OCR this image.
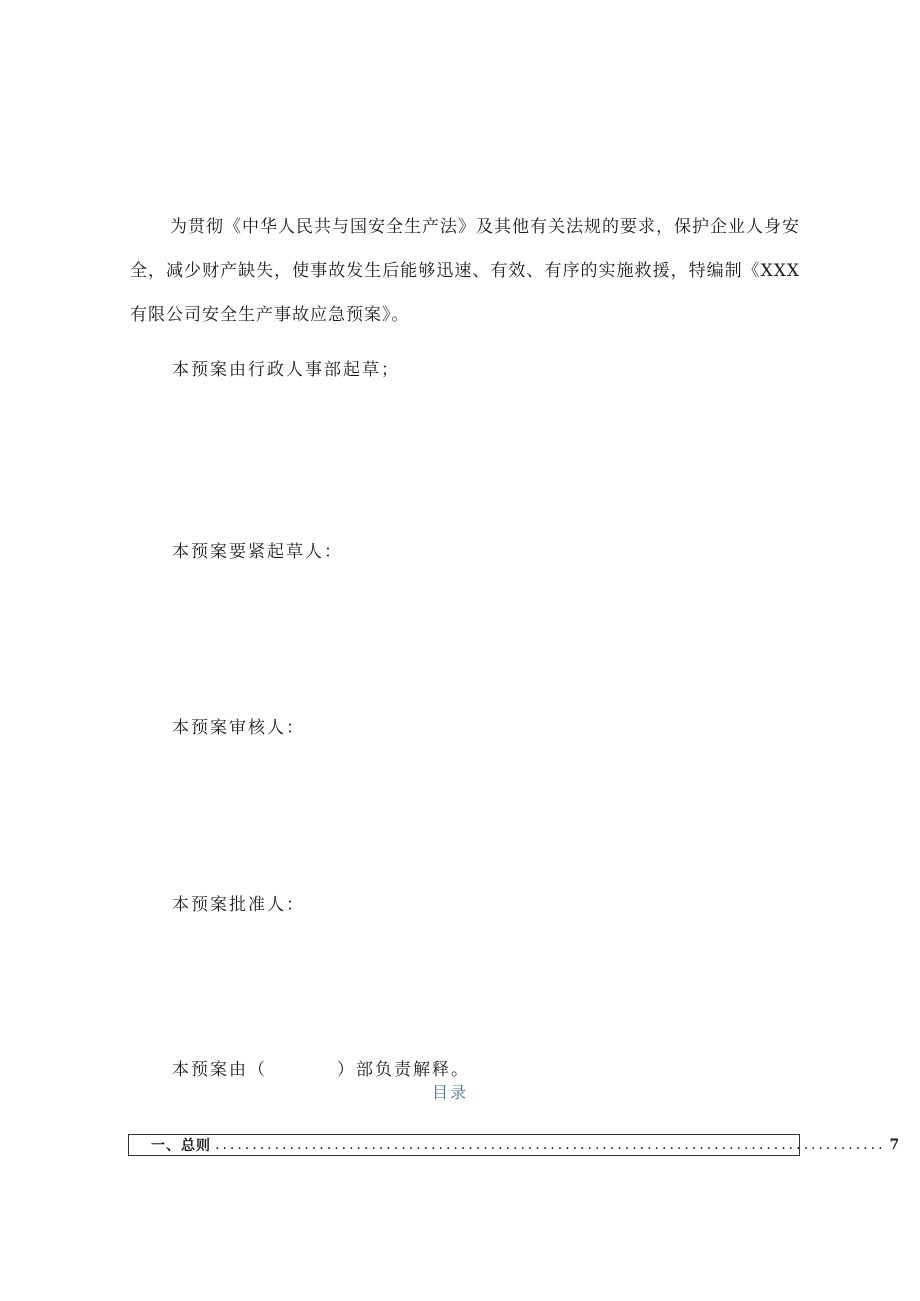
为贯彻《中华人民共与国安全生产法》及其他有关法规的要求，保护企业人身安全，减少财产缺失，使事故发生后能够迅速、有效、有序的实施救援，特编制《XXX有限公司安全生产事故应急预案》。

本预案由行政人事部起草；

本预案要紧起草人：

本预案审核人：

本预案批准人：

本预案由（	）部负责解释。

目录

一、总则 .......................................................................................... 7
